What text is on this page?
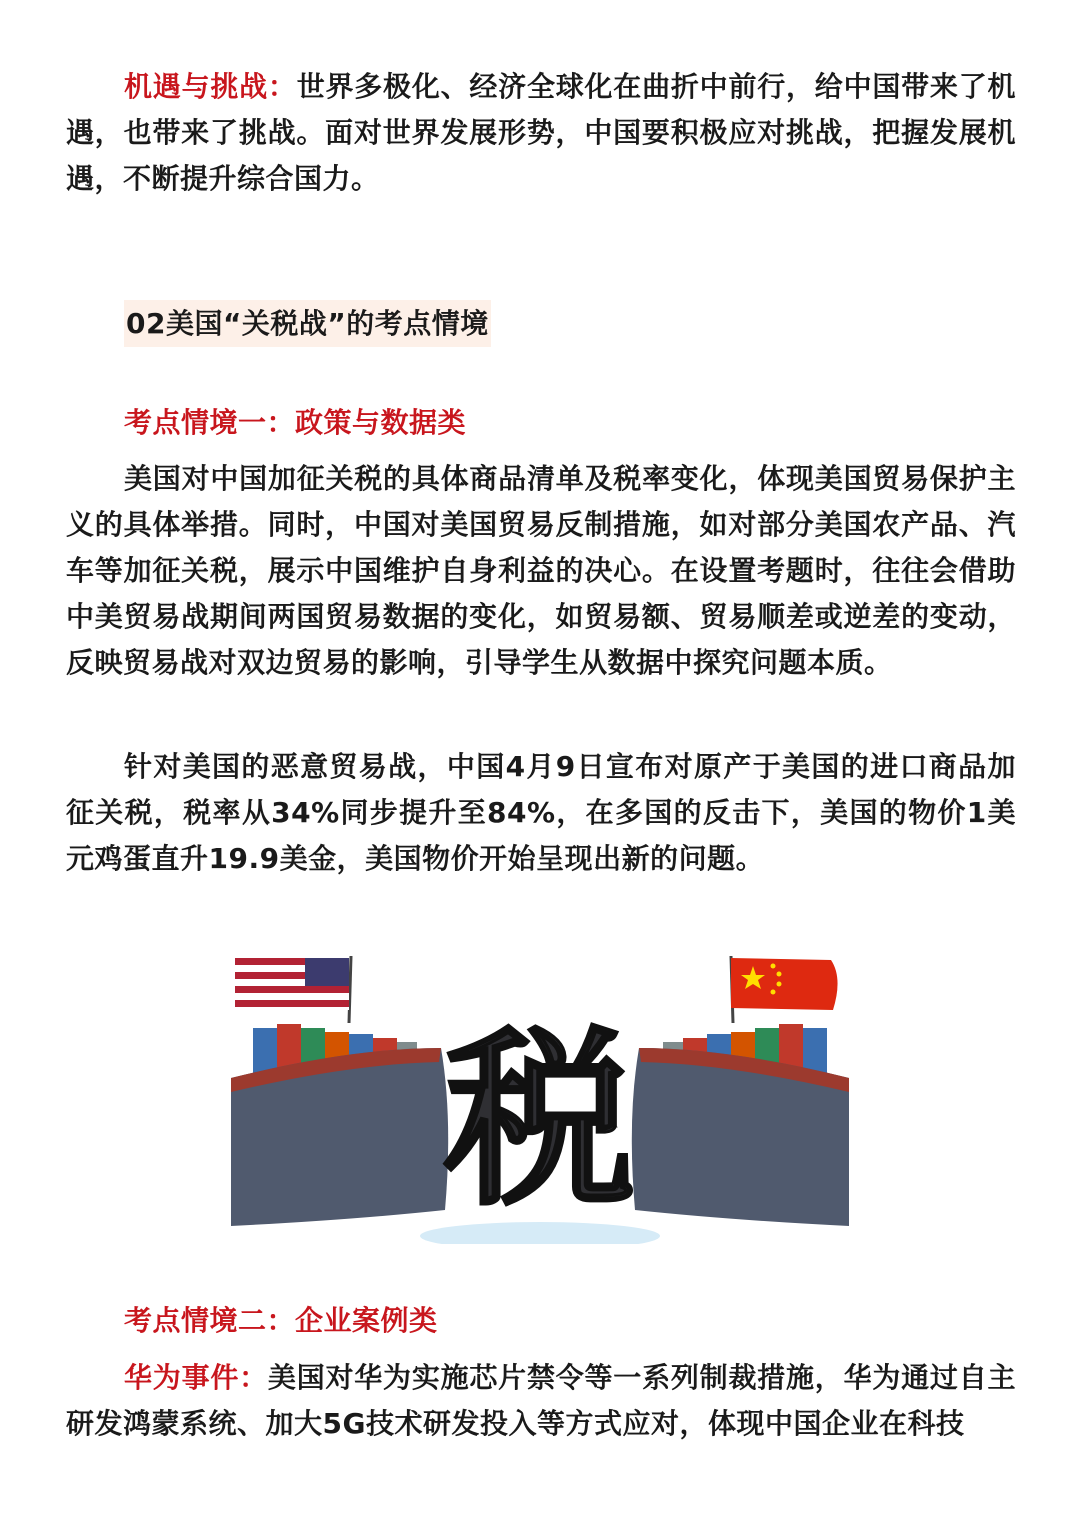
机遇与挑战：世界多极化、经济全球化在曲折中前行，给中国带来了机遇，也带来了挑战。面对世界发展形势，中国要积极应对挑战，把握发展机遇，不断提升综合国力。

02美国“关税战”的考点情境
考点情境一：政策与数据类

美国对中国加征关税的具体商品清单及税率变化，体现美国贸易保护主义的具体举措。同时，中国对美国贸易反制措施，如对部分美国农产品、汽车等加征关税，展示中国维护自身利益的决心。在设置考题时，往往会借助中美贸易战期间两国贸易数据的变化，如贸易额、贸易顺差或逆差的变动，反映贸易战对双边贸易的影响，引导学生从数据中探究问题本质。

针对美国的恶意贸易战，中国4月9日宣布对原产于美国的进口商品加征关税，税率从34%同步提升至84%，在多国的反击下，美国的物价1美元鸡蛋直升19.9美金，美国物价开始呈现出新的问题。

税
考点情境二：企业案例类

华为事件：美国对华为实施芯片禁令等一系列制裁措施，华为通过自主研发鸿蒙系统、加大5G技术研发投入等方式应对，体现中国企业在科技
